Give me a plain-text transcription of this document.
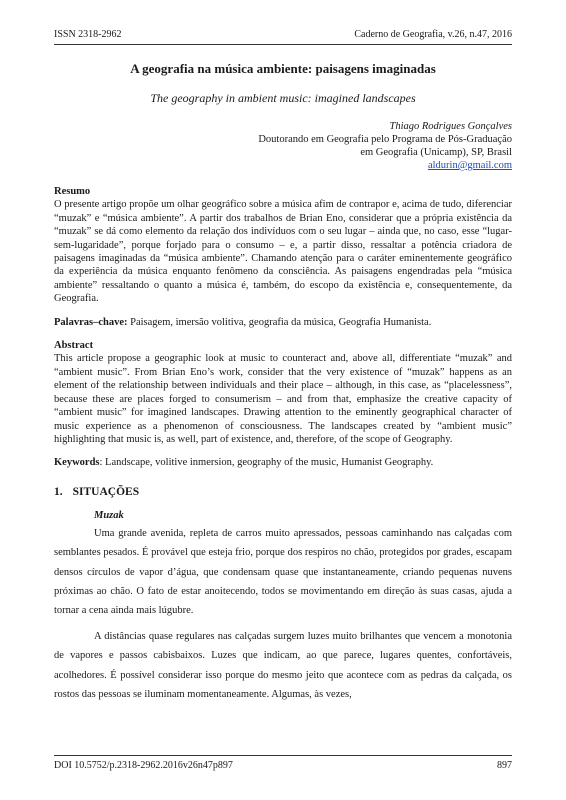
ISSN 2318-2962	Caderno de Geografia, v.26, n.47, 2016
A geografia na música ambiente: paisagens imaginadas
The geography in ambient music: imagined landscapes
Thiago Rodrigues Gonçalves
Doutorando em Geografia pelo Programa de Pós-Graduação
em Geografia (Unicamp), SP, Brasil
aldurin@gmail.com
Resumo
O presente artigo propõe um olhar geográfico sobre a música afim de contrapor e, acima de tudo, diferenciar “muzak” e “música ambiente”. A partir dos trabalhos de Brian Eno, considerar que a própria existência da “muzak” se dá como elemento da relação dos indivíduos com o seu lugar – ainda que, no caso, esse “lugar-sem-lugaridade”, porque forjado para o consumo – e, a partir disso, ressaltar a potência criadora de paisagens imaginadas da “música ambiente”. Chamando atenção para o caráter eminentemente geográfico da experiência da música enquanto fenômeno da consciência. As paisagens engendradas pela “música ambiente” ressaltando o quanto a música é, também, do escopo da existência e, consequentemente, da Geografia.
Palavras–chave: Paisagem, imersão volitiva, geografia da música, Geografia Humanista.
Abstract
This article propose a geographic look at music to counteract and, above all, differentiate “muzak” and “ambient music”. From Brian Eno’s work, consider that the very existence of “muzak” happens as an element of the relationship between individuals and their place – although, in this case, as “placelessness”, because these are places forged to consumerism – and from that, emphasize the creative capacity of “ambient music” for imagined landscapes. Drawing attention to the eminently geographical character of music experience as a phenomenon of consciousness. The landscapes created by “ambient music” highlighting that music is, as well, part of existence, and, therefore, of the scope of Geography.
Keywords: Landscape, volitive inmersion, geography of the music, Humanist Geography.
1. SITUAÇÕES
Muzak

Uma grande avenida, repleta de carros muito apressados, pessoas caminhando nas calçadas com semblantes pesados. É provável que esteja frio, porque dos respiros no chão, protegidos por grades, escapam densos círculos de vapor d’água, que condensam quase que instantaneamente, criando pequenas nuvens próximas ao chão. O fato de estar anoitecendo, todos se movimentando em direção às suas casas, ajuda a tornar a cena ainda mais lúgubre.

A distâncias quase regulares nas calçadas surgem luzes muito brilhantes que vencem a monotonia de vapores e passos cabisbaixos. Luzes que indicam, ao que parece, lugares quentes, confortáveis, acolhedores. É possível considerar isso porque do mesmo jeito que acontece com as pedras da calçada, os rostos das pessoas se iluminam momentaneamente. Algumas, às vezes,

DOI 10.5752/p.2318-2962.2016v26n47p897	897
